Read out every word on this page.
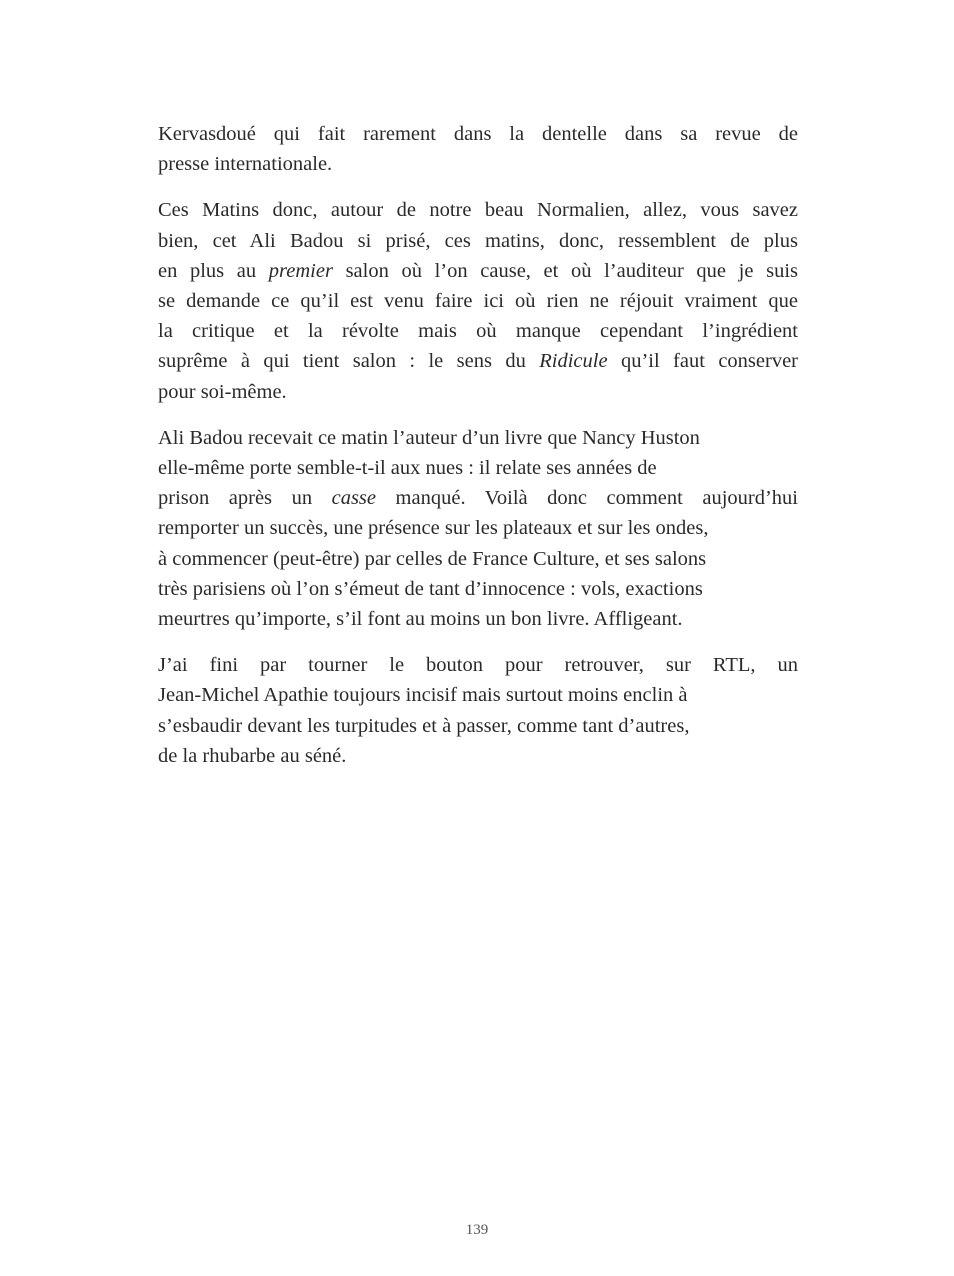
Kervasdoué qui fait rarement dans la dentelle dans sa revue de
presse internationale.

Ces Matins donc, autour de notre beau Normalien, allez, vous savez
bien, cet Ali Badou si prisé, ces matins, donc, ressemblent de plus
en plus au premier salon où l’on cause, et où l’auditeur que je suis
se demande ce qu’il est venu faire ici où rien ne réjouit vraiment que
la critique et la révolte mais où manque cependant l’ingrédient
suprême à qui tient salon : le sens du Ridicule qu’il faut conserver
pour soi-même.

Ali Badou recevait ce matin l’auteur d’un livre que Nancy Huston
elle-même porte semble-t-il aux nues : il relate ses années de
prison après un casse manqué. Voilà donc comment aujourd’hui
remporter un succès, une présence sur les plateaux et sur les ondes,
à commencer (peut-être) par celles de France Culture, et ses salons
très parisiens où l’on s’émeut de tant d’innocence : vols, exactions
meurtres qu’importe, s’il font au moins un bon livre. Affligeant.

J’ai fini par tourner le bouton pour retrouver, sur RTL, un
Jean-Michel Apathie toujours incisif mais surtout moins enclin à
s’esbaudir devant les turpitudes et à passer, comme tant d’autres,
de la rhubarbe au séné.

139
